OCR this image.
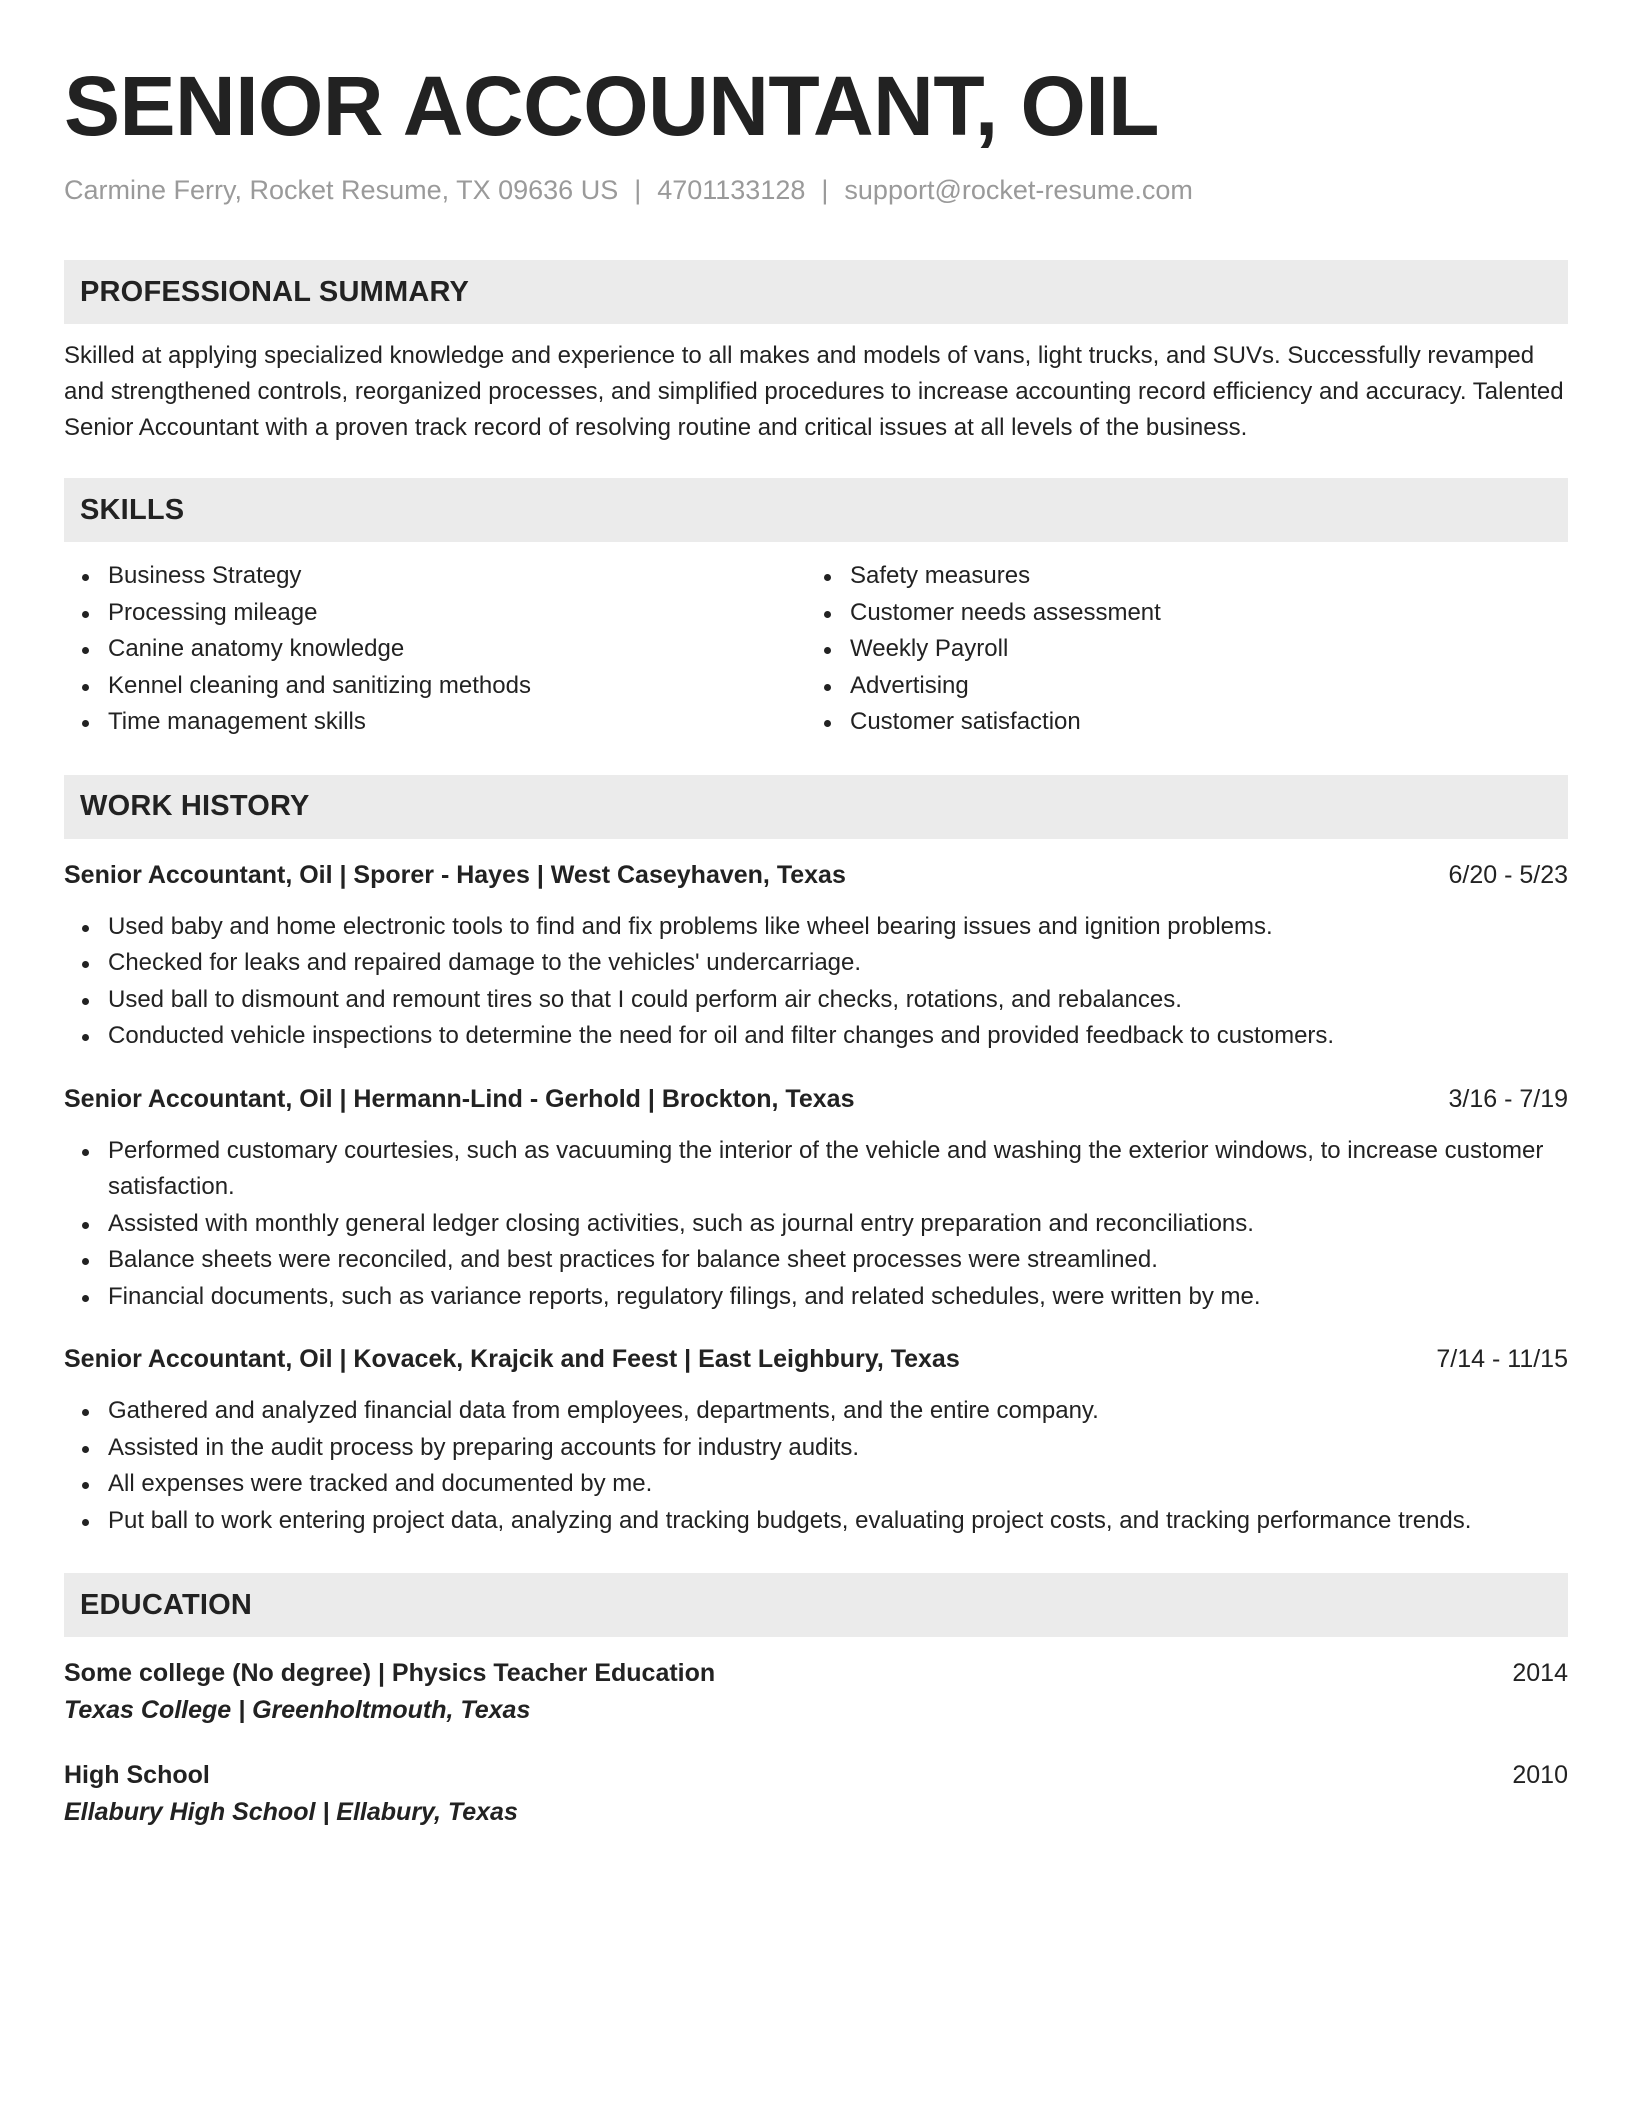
SENIOR ACCOUNTANT, OIL
Carmine Ferry, Rocket Resume, TX 09636 US | 4701133128 | support@rocket-resume.com
PROFESSIONAL SUMMARY

Skilled at applying specialized knowledge and experience to all makes and models of vans, light trucks, and SUVs. Successfully revamped and strengthened controls, reorganized processes, and simplified procedures to increase accounting record efficiency and accuracy. Talented Senior Accountant with a proven track record of resolving routine and critical issues at all levels of the business.

SKILLS
Business Strategy
Processing mileage
Canine anatomy knowledge
Kennel cleaning and sanitizing methods
Time management skills
Safety measures
Customer needs assessment
Weekly Payroll
Advertising
Customer satisfaction
WORK HISTORY
Senior Accountant, Oil | Sporer - Hayes | West Caseyhaven, Texas	6/20 - 5/23
Used baby and home electronic tools to find and fix problems like wheel bearing issues and ignition problems.
Checked for leaks and repaired damage to the vehicles' undercarriage.
Used ball to dismount and remount tires so that I could perform air checks, rotations, and rebalances.
Conducted vehicle inspections to determine the need for oil and filter changes and provided feedback to customers.
Senior Accountant, Oil | Hermann-Lind - Gerhold | Brockton, Texas	3/16 - 7/19
Performed customary courtesies, such as vacuuming the interior of the vehicle and washing the exterior windows, to increase customer satisfaction.
Assisted with monthly general ledger closing activities, such as journal entry preparation and reconciliations.
Balance sheets were reconciled, and best practices for balance sheet processes were streamlined.
Financial documents, such as variance reports, regulatory filings, and related schedules, were written by me.
Senior Accountant, Oil | Kovacek, Krajcik and Feest | East Leighbury, Texas	7/14 - 11/15
Gathered and analyzed financial data from employees, departments, and the entire company.
Assisted in the audit process by preparing accounts for industry audits.
All expenses were tracked and documented by me.
Put ball to work entering project data, analyzing and tracking budgets, evaluating project costs, and tracking performance trends.
EDUCATION
Some college (No degree) | Physics Teacher Education	2014
Texas College | Greenholtmouth, Texas
High School	2010
Ellabury High School | Ellabury, Texas
